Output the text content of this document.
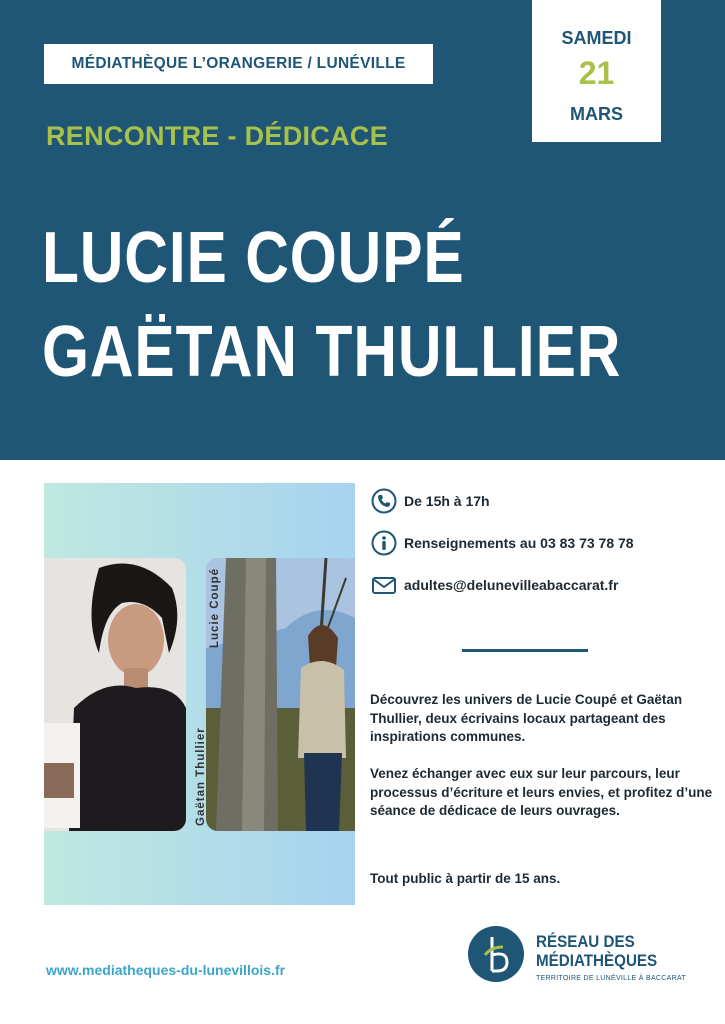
MÉDIATHÈQUE L’ORANGERIE / LUNÉVILLE
SAMEDI
21
MARS
RENCONTRE - DÉDICACE
LUCIE COUPÉ
GAËTAN THULLIER
Gaëtan Thullier
Lucie Coupé
De 15h à 17h
Renseignements au 03 83 73 78 78
adultes@delunevilleabaccarat.fr
Découvrez les univers de Lucie Coupé et Gaëtan Thullier, deux écrivains locaux partageant des inspirations communes.
Venez échanger avec eux sur leur parcours, leur processus d’écriture et leurs envies, et profitez d’une séance de dédicace de leurs ouvrages.
Tout public à partir de 15 ans.
www.mediatheques-du-lunevillois.fr
RÉSEAU DES
MÉDIATHÈQUES
TERRITOIRE DE LUNÉVILLE À BACCARAT
